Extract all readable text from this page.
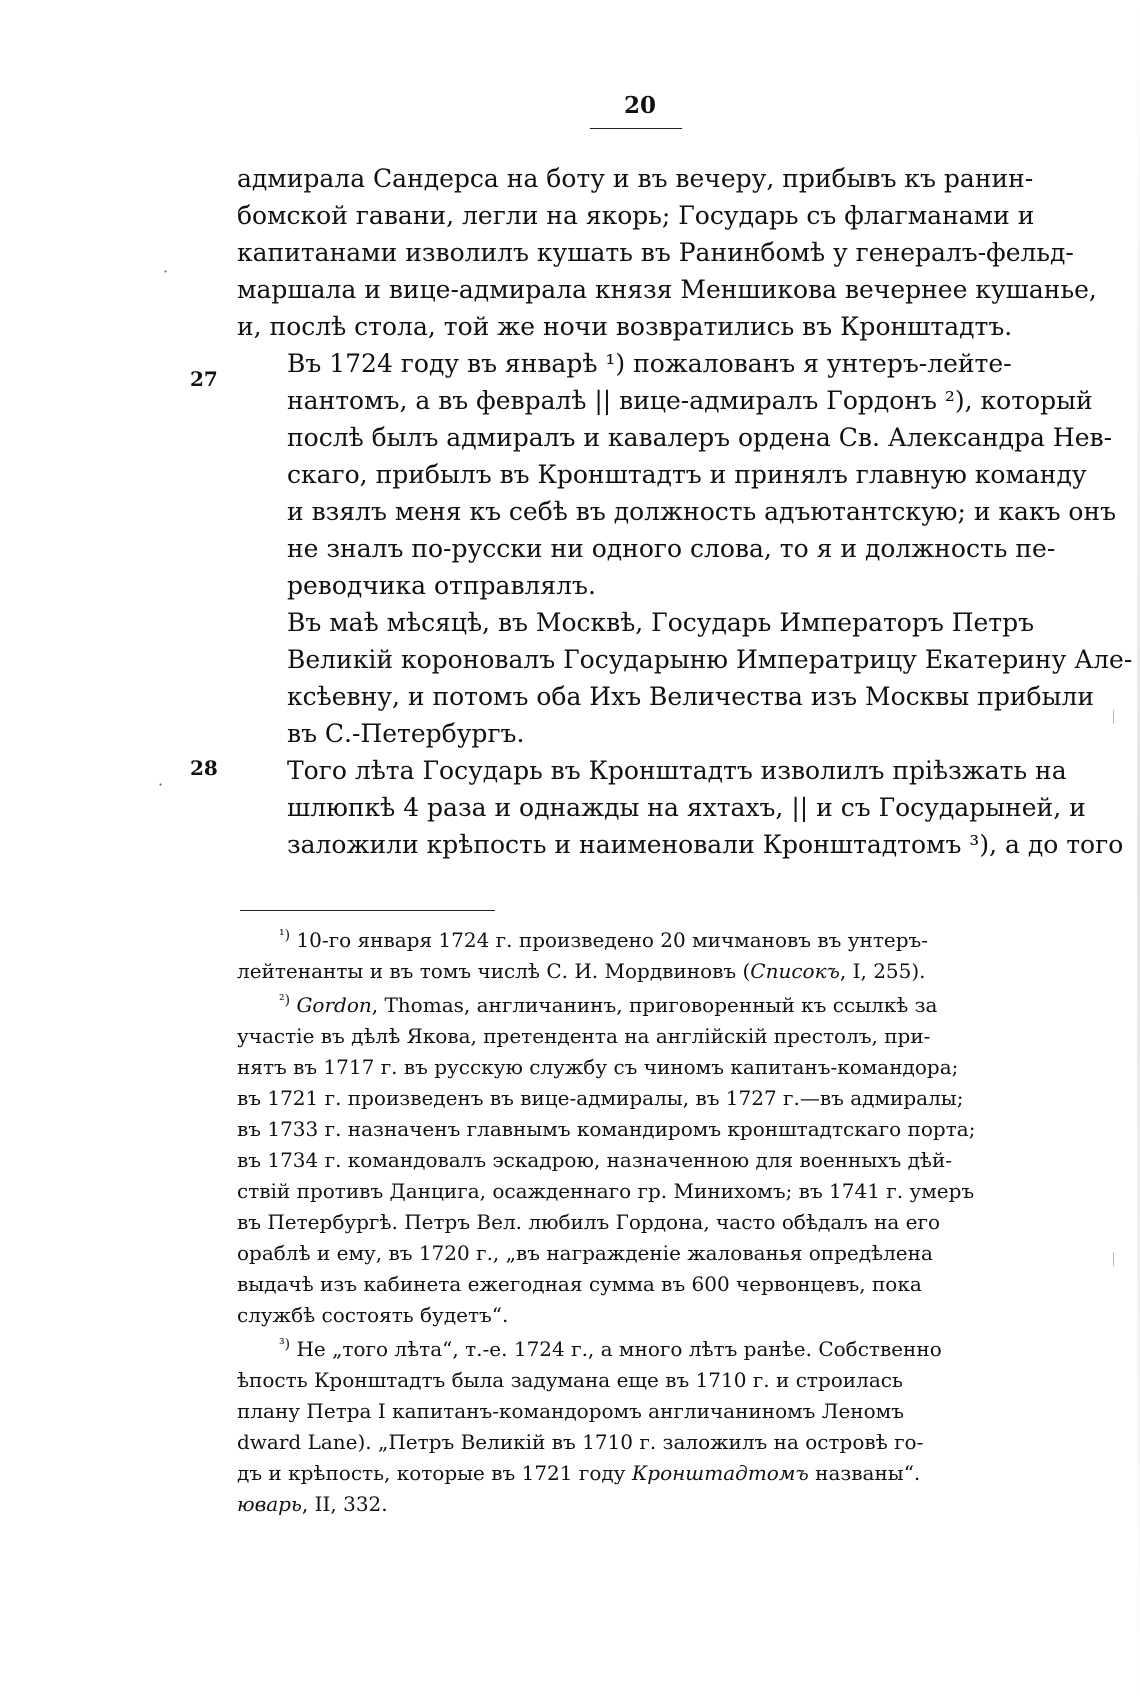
20

адмирала Сандерса на боту и въ вечеру, прибывъ къ ранин-
бомской гавани, легли на якорь; Государь съ флагманами и
капитанами изволилъ кушать въ Ранинбомѣ у генералъ-фельд-
маршала и вице-адмирала князя Меншикова вечернее кушанье,
и, послѣ стола, той же ночи возвратились въ Кронштадтъ.

Въ 1724 году въ январѣ ¹) пожалованъ я унтеръ-лейте-
нантомъ, а въ февралѣ || вице-адмиралъ Гордонъ ²), который
послѣ былъ адмиралъ и кавалеръ ордена Св. Александра Нев-
скаго, прибылъ въ Кронштадтъ и принялъ главную команду
и взялъ меня къ себѣ въ должность адъютантскую; и какъ онъ
не зналъ по-русски ни одного слова, то я и должность пе-
реводчика отправлялъ.

Въ маѣ мѣсяцѣ, въ Москвѣ, Государь Императоръ Петръ
Великій короновалъ Государыню Императрицу Екатерину Але-
ксѣевну, и потомъ оба Ихъ Величества изъ Москвы прибыли
въ С.-Петербургъ.

Того лѣта Государь въ Кронштадтъ изволилъ пріѣзжать на
шлюпкѣ 4 раза и однажды на яхтахъ, || и съ Государыней, и
заложили крѣпость и наименовали Кронштадтомъ ³), а до того

27
28
$^{^1)}$ 10-го января 1724 г. произведено 20 мичмановъ въ унтеръ-
лейтенанты и въ томъ числѣ С. И. Мордвиновъ (Списокъ, I, 255).
$^{^2)}$ Gordon, Thomas, англичанинъ, приговоренный къ ссылкѣ за
участіе въ дѣлѣ Якова, претендента на англійскій престолъ, при-
нятъ въ 1717 г. въ русскую службу съ чиномъ капитанъ-командора;
въ 1721 г. произведенъ въ вице-адмиралы, въ 1727 г.—въ адмиралы;
въ 1733 г. назначенъ главнымъ командиромъ кронштадтскаго порта;
въ 1734 г. командовалъ эскадрою, назначенною для военныхъ дѣй-
ствій противъ Данцига, осажденнаго гр. Минихомъ; въ 1741 г. умеръ
въ Петербургѣ. Петръ Вел. любилъ Гордона, часто обѣдалъ на его
ораблѣ и ему, въ 1720 г., „въ награжденіе жалованья опредѣлена
выдачѣ изъ кабинета ежегодная сумма въ 600 червонцевъ, пока
службѣ состоять будетъ“.
$^{^3)}$ Не „того лѣта“, т.-е. 1724 г., а много лѣтъ ранѣе. Собственно
ѣпость Кронштадтъ была задумана еще въ 1710 г. и строилась
плану Петра I капитанъ-командоромъ англичаниномъ Леномъ
dward Lane). „Петръ Великій въ 1710 г. заложилъ на островѣ го-
дъ и крѣпость, которые въ 1721 году Кронштадтомъ названы“.
юварь, II, 332.
·
·
